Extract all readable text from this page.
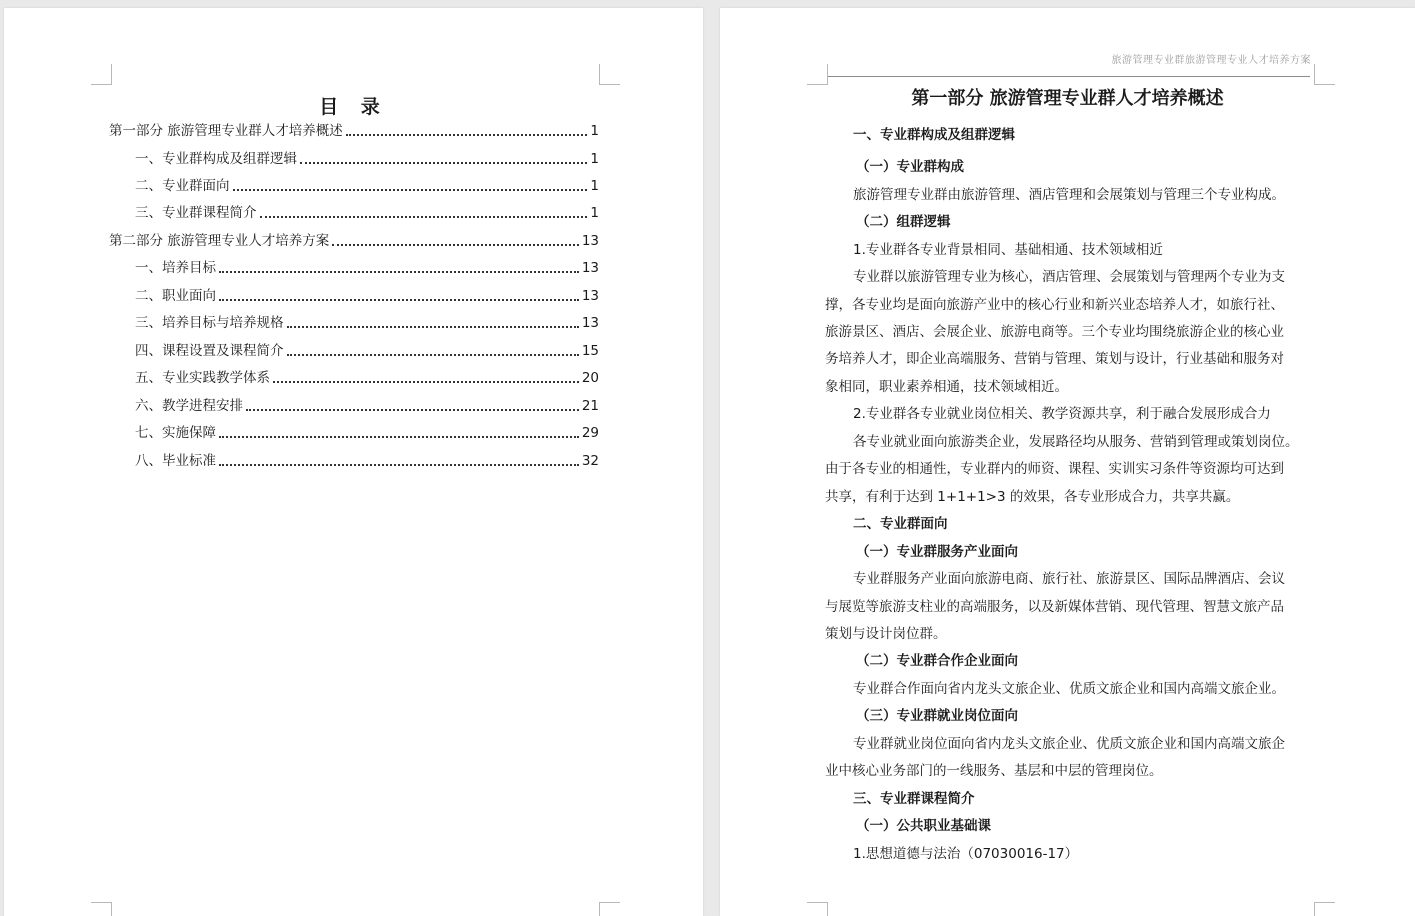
目 录
第一部分 旅游管理专业群人才培养概述	1
一、专业群构成及组群逻辑	1
二、专业群面向	1
三、专业群课程简介	1
第二部分 旅游管理专业人才培养方案	13
一、培养目标	13
二、职业面向	13
三、培养目标与培养规格	13
四、课程设置及课程简介	15
五、专业实践教学体系	20
六、教学进程安排	21
七、实施保障	29
八、毕业标准	32
旅游管理专业群旅游管理专业人才培养方案
第一部分 旅游管理专业群人才培养概述
一、专业群构成及组群逻辑
（一）专业群构成
旅游管理专业群由旅游管理、酒店管理和会展策划与管理三个专业构成。
（二）组群逻辑
1.专业群各专业背景相同、基础相通、技术领域相近
专业群以旅游管理专业为核心，酒店管理、会展策划与管理两个专业为支
撑，各专业均是面向旅游产业中的核心行业和新兴业态培养人才，如旅行社、
旅游景区、酒店、会展企业、旅游电商等。三个专业均围绕旅游企业的核心业
务培养人才，即企业高端服务、营销与管理、策划与设计，行业基础和服务对
象相同，职业素养相通，技术领域相近。
2.专业群各专业就业岗位相关、教学资源共享，利于融合发展形成合力
各专业就业面向旅游类企业，发展路径均从服务、营销到管理或策划岗位。
由于各专业的相通性，专业群内的师资、课程、实训实习条件等资源均可达到
共享，有利于达到 1+1+1>3 的效果，各专业形成合力，共享共赢。
二、专业群面向
（一）专业群服务产业面向
专业群服务产业面向旅游电商、旅行社、旅游景区、国际品牌酒店、会议
与展览等旅游支柱业的高端服务，以及新媒体营销、现代管理、智慧文旅产品
策划与设计岗位群。
（二）专业群合作企业面向
专业群合作面向省内龙头文旅企业、优质文旅企业和国内高端文旅企业。
（三）专业群就业岗位面向
专业群就业岗位面向省内龙头文旅企业、优质文旅企业和国内高端文旅企
业中核心业务部门的一线服务、基层和中层的管理岗位。
三、专业群课程简介
（一）公共职业基础课
1.思想道德与法治（07030016-17）
